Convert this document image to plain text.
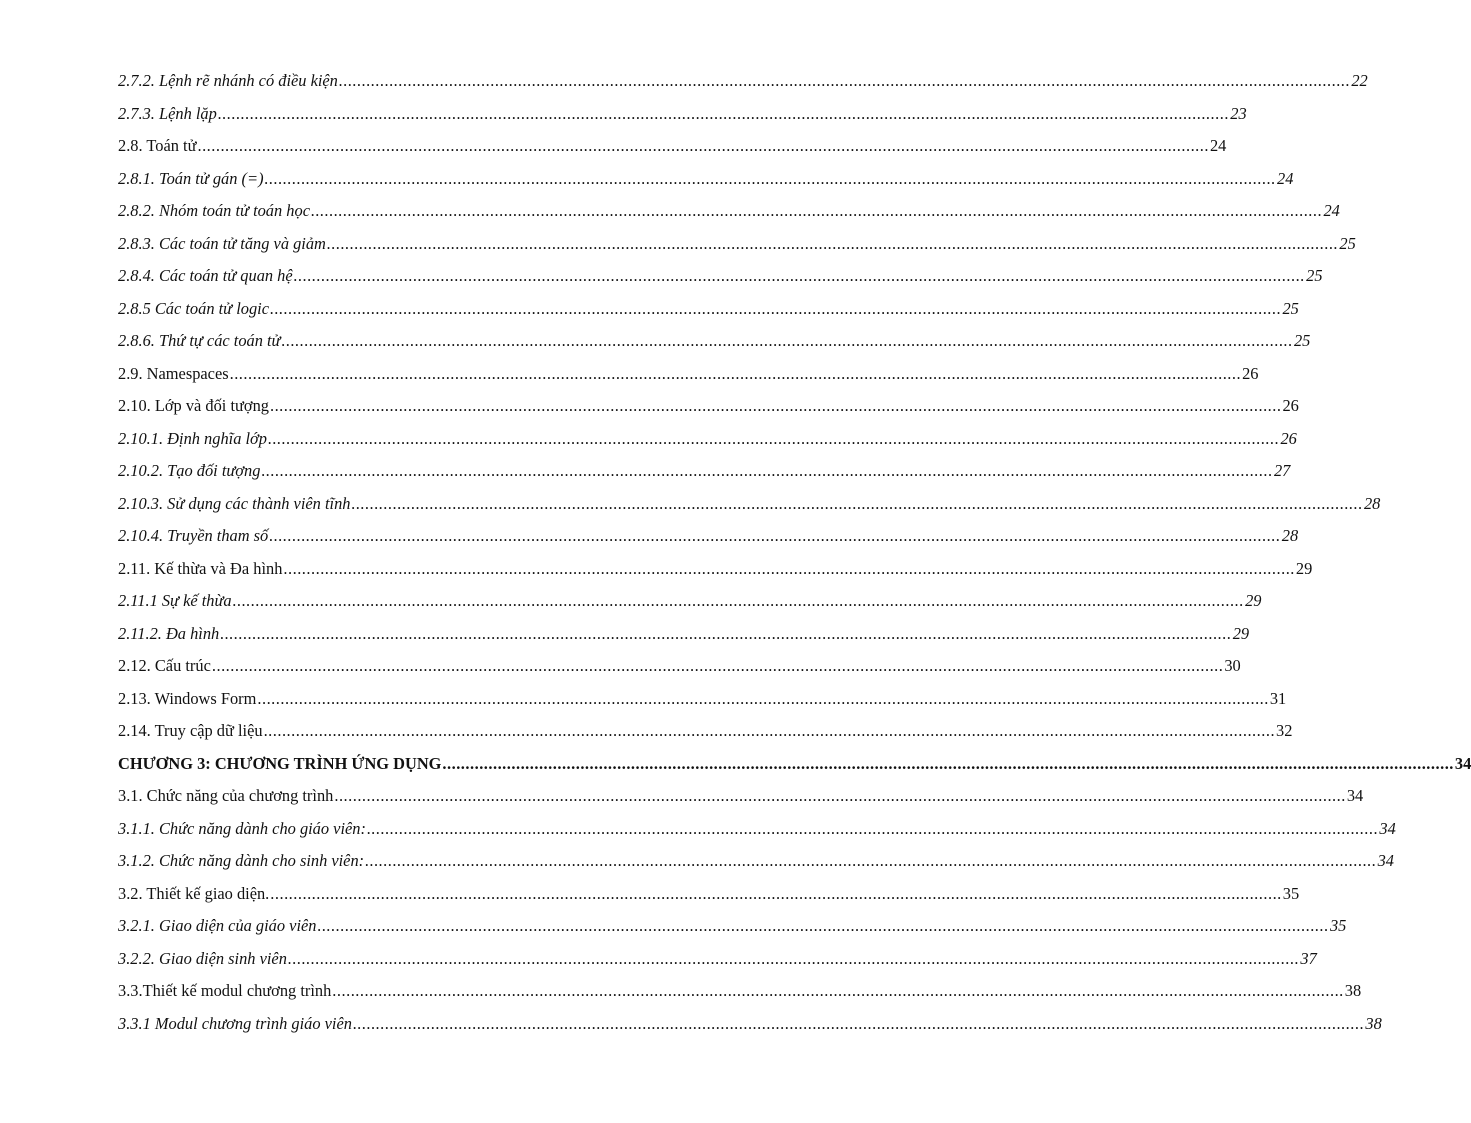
2.7.2. Lệnh rẽ nhánh có điều kiện ............................................................................................................................................................................................................................ 22
2.7.3. Lệnh lặp ............................................................................................................................................................................................................................ 23
2.8. Toán tử ............................................................................................................................................................................................................................ 24
2.8.1. Toán tử gán (=) ............................................................................................................................................................................................................................ 24
2.8.2. Nhóm toán tử toán học ............................................................................................................................................................................................................................ 24
2.8.3. Các toán tử tăng và giảm ............................................................................................................................................................................................................................ 25
2.8.4. Các toán tử quan hệ ............................................................................................................................................................................................................................ 25
2.8.5 Các toán tử logic ............................................................................................................................................................................................................................ 25
2.8.6. Thứ tự các toán tử ............................................................................................................................................................................................................................ 25
2.9. Namespaces ............................................................................................................................................................................................................................ 26
2.10. Lớp và đối tượng ............................................................................................................................................................................................................................ 26
2.10.1. Định nghĩa lớp ............................................................................................................................................................................................................................ 26
2.10.2. Tạo đối tượng ............................................................................................................................................................................................................................ 27
2.10.3. Sử dụng các thành viên tĩnh ............................................................................................................................................................................................................................ 28
2.10.4. Truyền tham số ............................................................................................................................................................................................................................ 28
2.11. Kế thừa và Đa hình ............................................................................................................................................................................................................................ 29
2.11.1 Sự kế thừa ............................................................................................................................................................................................................................ 29
2.11.2. Đa hình ............................................................................................................................................................................................................................ 29
2.12. Cấu trúc ............................................................................................................................................................................................................................ 30
2.13. Windows Form ............................................................................................................................................................................................................................ 31
2.14. Truy cập dữ liệu ............................................................................................................................................................................................................................ 32
CHƯƠNG 3: CHƯƠNG TRÌNH ỨNG DỤNG ............................................................................................................................................................................................................................ 34
3.1. Chức năng của chương trình ............................................................................................................................................................................................................................ 34
3.1.1. Chức năng dành cho giáo viên: ............................................................................................................................................................................................................................ 34
3.1.2. Chức năng dành cho sinh viên: ............................................................................................................................................................................................................................ 34
3.2. Thiết kế giao diện. ............................................................................................................................................................................................................................ 35
3.2.1. Giao diện của giáo viên ............................................................................................................................................................................................................................ 35
3.2.2. Giao diện sinh viên ............................................................................................................................................................................................................................ 37
3.3.Thiết kế modul chương trình ............................................................................................................................................................................................................................ 38
3.3.1 Modul chương trình giáo viên ............................................................................................................................................................................................................................ 38
